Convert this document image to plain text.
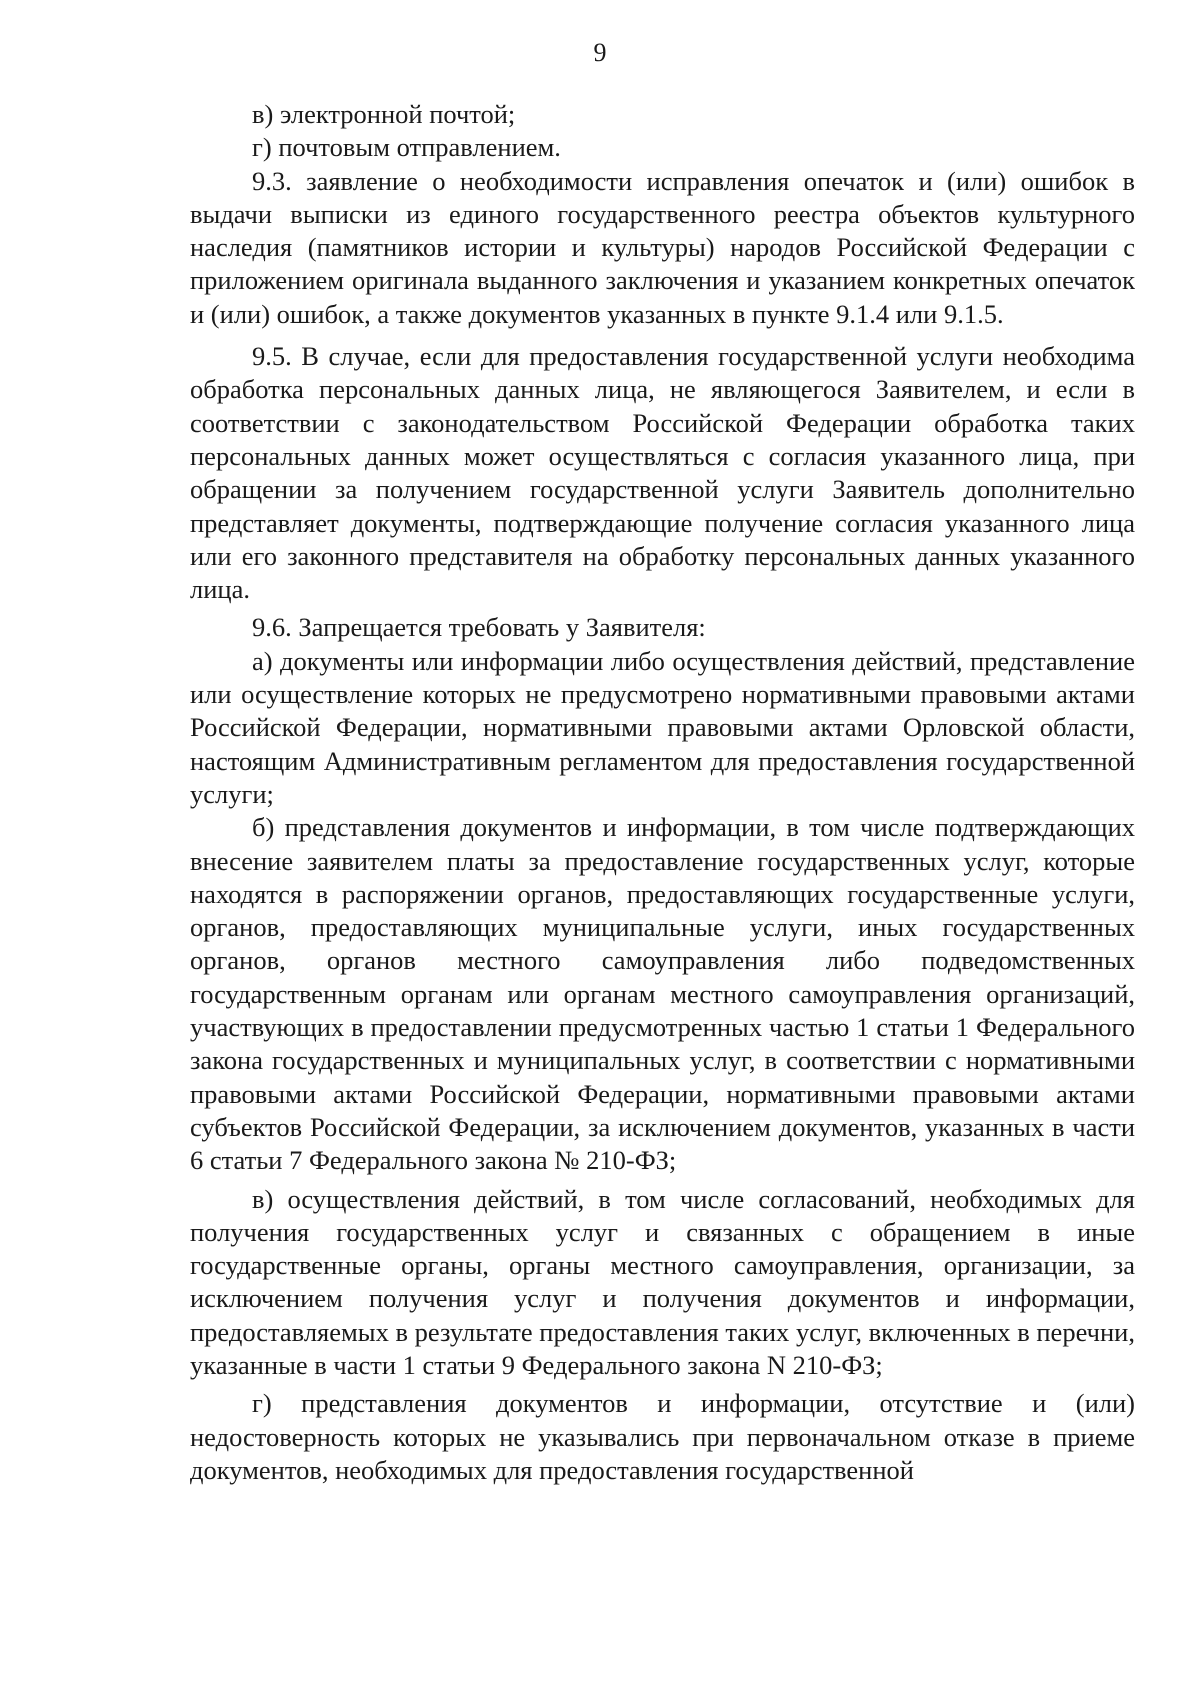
9

в) электронной почтой;

г) почтовым отправлением.

9.3. заявление о необходимости исправления опечаток и (или) ошибок в выдачи выписки из единого государственного реестра объектов культурного наследия (памятников истории и культуры) народов Российской Федерации с приложением оригинала выданного заключения и указанием конкретных опечаток и (или) ошибок, а также документов указанных в пункте 9.1.4 или 9.1.5.

9.5. В случае, если для предоставления государственной услуги необходима обработка персональных данных лица, не являющегося Заявителем, и если в соответствии с законодательством Российской Федерации обработка таких персональных данных может осуществляться с согласия указанного лица, при обращении за получением государственной услуги Заявитель дополнительно представляет документы, подтверждающие получение согласия указанного лица или его законного представителя на обработку персональных данных указанного лица.

9.6. Запрещается требовать у Заявителя:

а) документы или информации либо осуществления действий, представление или осуществление которых не предусмотрено нормативными правовыми актами Российской Федерации, нормативными правовыми актами Орловской области, настоящим Административным регламентом для предоставления государственной услуги;

б) представления документов и информации, в том числе подтверждающих внесение заявителем платы за предоставление государственных услуг, которые находятся в распоряжении органов, предоставляющих государственные услуги, органов, предоставляющих муниципальные услуги, иных государственных органов, органов местного самоуправления либо подведомственных государственным органам или органам местного самоуправления организаций, участвующих в предоставлении предусмотренных частью 1 статьи 1 Федерального закона государственных и муниципальных услуг, в соответствии с нормативными правовыми актами Российской Федерации, нормативными правовыми актами субъектов Российской Федерации, за исключением документов, указанных в части 6 статьи 7 Федерального закона № 210-ФЗ;

в) осуществления действий, в том числе согласований, необходимых для получения государственных услуг и связанных с обращением в иные государственные органы, органы местного самоуправления, организации, за исключением получения услуг и получения документов и информации, предоставляемых в результате предоставления таких услуг, включенных в перечни, указанные в части 1 статьи 9 Федерального закона N 210-ФЗ;

г) представления документов и информации, отсутствие и (или) недостоверность которых не указывались при первоначальном отказе в приеме документов, необходимых для предоставления государственной
